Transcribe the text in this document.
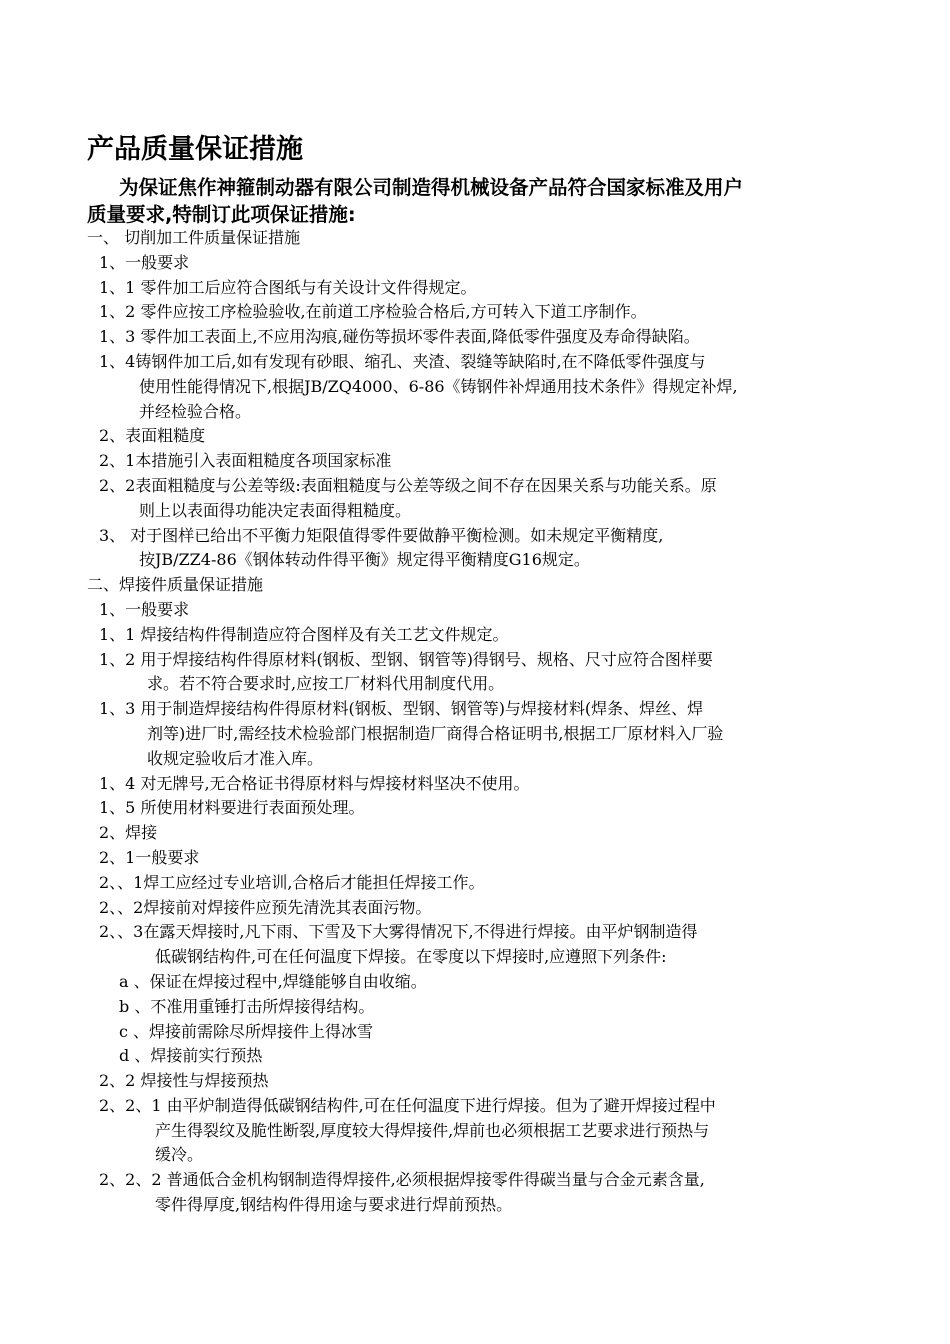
产品质量保证措施
为保证焦作神箍制动器有限公司制造得机械设备产品符合国家标准及用户
质量要求,特制订此项保证措施:
一、 切削加工件质量保证措施
1、一般要求
1、1 零件加工后应符合图纸与有关设计文件得规定。
1、2 零件应按工序检验验收,在前道工序检验合格后,方可转入下道工序制作。
1、3 零件加工表面上,不应用沟痕,碰伤等损坏零件表面,降低零件强度及寿命得缺陷。
1、4铸钢件加工后,如有发现有砂眼、缩孔、夹渣、裂缝等缺陷时,在不降低零件强度与
使用性能得情况下,根据JB/ZQ4000、6-86《铸钢件补焊通用技术条件》得规定补焊,
并经检验合格。
2、表面粗糙度
2、1本措施引入表面粗糙度各项国家标准
2、2表面粗糙度与公差等级:表面粗糙度与公差等级之间不存在因果关系与功能关系。原
则上以表面得功能决定表面得粗糙度。
3、 对于图样已给出不平衡力矩限值得零件要做静平衡检测。如未规定平衡精度,
按JB/ZZ4-86《钢体转动件得平衡》规定得平衡精度G16规定。
二、焊接件质量保证措施
1、一般要求
1、1 焊接结构件得制造应符合图样及有关工艺文件规定。
1、2 用于焊接结构件得原材料(钢板、型钢、钢管等)得钢号、规格、尺寸应符合图样要
求。若不符合要求时,应按工厂材料代用制度代用。
1、3 用于制造焊接结构件得原材料(钢板、型钢、钢管等)与焊接材料(焊条、焊丝、焊
剂等)进厂时,需经技术检验部门根据制造厂商得合格证明书,根据工厂原材料入厂验
收规定验收后才准入库。
1、4 对无牌号,无合格证书得原材料与焊接材料坚决不使用。
1、5 所使用材料要进行表面预处理。
2、焊接
2、1一般要求
2、、1焊工应经过专业培训,合格后才能担任焊接工作。
2、、2焊接前对焊接件应预先清洗其表面污物。
2、、3在露天焊接时,凡下雨、下雪及下大雾得情况下,不得进行焊接。由平炉钢制造得
低碳钢结构件,可在任何温度下焊接。在零度以下焊接时,应遵照下列条件:
a 、保证在焊接过程中,焊缝能够自由收缩。
b 、不准用重锤打击所焊接得结构。
c 、焊接前需除尽所焊接件上得冰雪
d 、焊接前实行预热
2、2 焊接性与焊接预热
2、2、1 由平炉制造得低碳钢结构件,可在任何温度下进行焊接。但为了避开焊接过程中
产生得裂纹及脆性断裂,厚度较大得焊接件,焊前也必须根据工艺要求进行预热与
缓冷。
2、2、2 普通低合金机构钢制造得焊接件,必须根据焊接零件得碳当量与合金元素含量,
零件得厚度,钢结构件得用途与要求进行焊前预热。
